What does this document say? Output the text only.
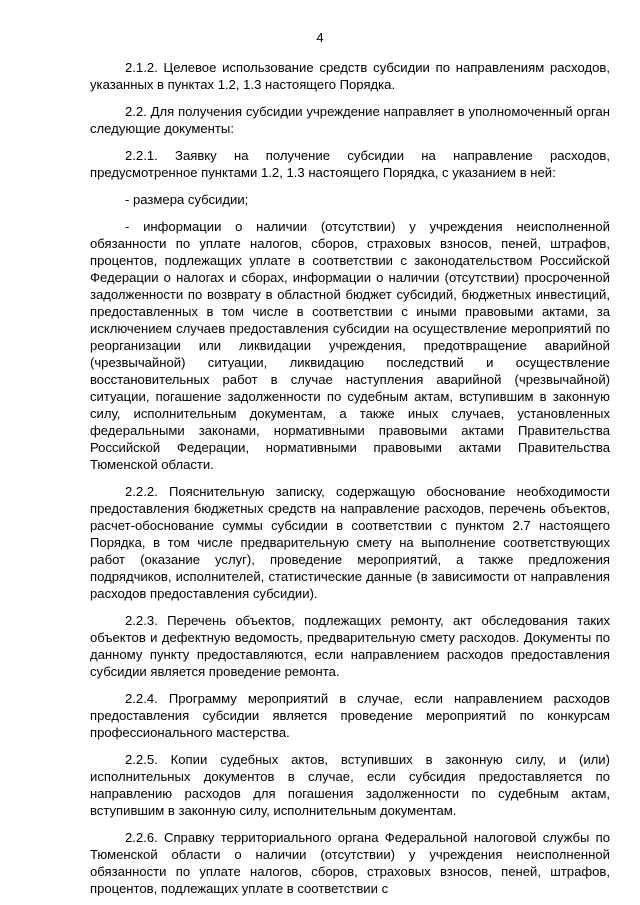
4

2.1.2. Целевое использование средств субсидии по направлениям расходов, указанных в пунктах 1.2, 1.3 настоящего Порядка.

2.2. Для получения субсидии учреждение направляет в уполномоченный орган следующие документы:

2.2.1. Заявку на получение субсидии на направление расходов, предусмотренное пунктами 1.2, 1.3 настоящего Порядка, с указанием в ней:

- размера субсидии;

- информации о наличии (отсутствии) у учреждения неисполненной обязанности по уплате налогов, сборов, страховых взносов, пеней, штрафов, процентов, подлежащих уплате в соответствии с законодательством Российской Федерации о налогах и сборах, информации о наличии (отсутствии) просроченной задолженности по возврату в областной бюджет субсидий, бюджетных инвестиций, предоставленных в том числе в соответствии с иными правовыми актами, за исключением случаев предоставления субсидии на осуществление мероприятий по реорганизации или ликвидации учреждения, предотвращение аварийной (чрезвычайной) ситуации, ликвидацию последствий и осуществление восстановительных работ в случае наступления аварийной (чрезвычайной) ситуации, погашение задолженности по судебным актам, вступившим в законную силу, исполнительным документам, а также иных случаев, установленных федеральными законами, нормативными правовыми актами Правительства Российской Федерации, нормативными правовыми актами Правительства Тюменской области.

2.2.2. Пояснительную записку, содержащую обоснование необходимости предоставления бюджетных средств на направление расходов, перечень объектов, расчет-обоснование суммы субсидии в соответствии с пунктом 2.7 настоящего Порядка, в том числе предварительную смету на выполнение соответствующих работ (оказание услуг), проведение мероприятий, а также предложения подрядчиков, исполнителей, статистические данные (в зависимости от направления расходов предоставления субсидии).

2.2.3. Перечень объектов, подлежащих ремонту, акт обследования таких объектов и дефектную ведомость, предварительную смету расходов. Документы по данному пункту предоставляются, если направлением расходов предоставления субсидии является проведение ремонта.

2.2.4. Программу мероприятий в случае, если направлением расходов предоставления субсидии является проведение мероприятий по конкурсам профессионального мастерства.

2.2.5. Копии судебных актов, вступивших в законную силу, и (или) исполнительных документов в случае, если субсидия предоставляется по направлению расходов для погашения задолженности по судебным актам, вступившим в законную силу, исполнительным документам.

2.2.6. Справку территориального органа Федеральной налоговой службы по Тюменской области о наличии (отсутствии) у учреждения неисполненной обязанности по уплате налогов, сборов, страховых взносов, пеней, штрафов, процентов, подлежащих уплате в соответствии с
